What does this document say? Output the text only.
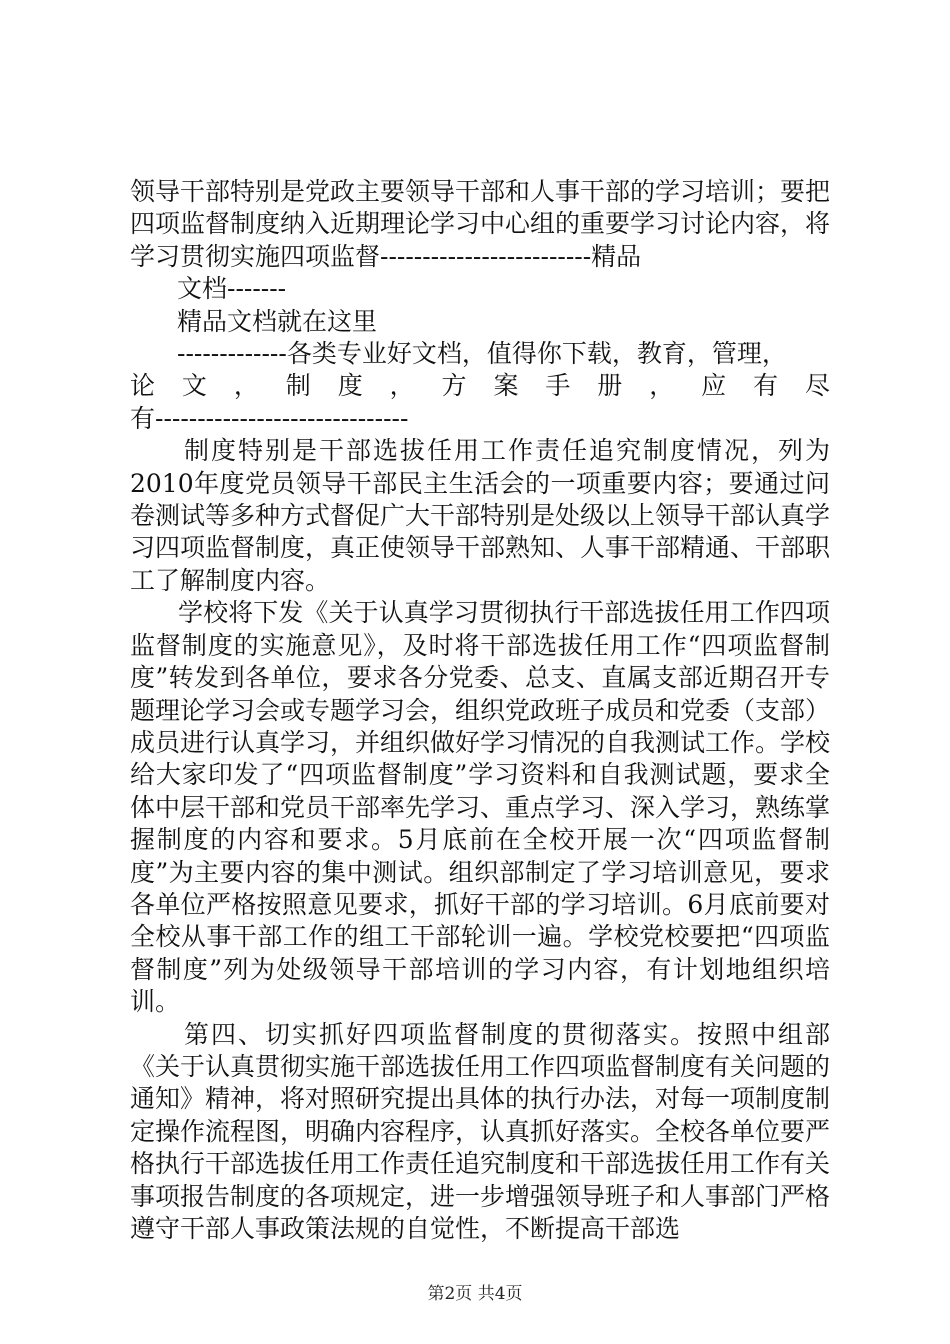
领导干部特别是党政主要领导干部和人事干部的学习培训；要把四项监督制度纳入近期理论学习中心组的重要学习讨论内容，将学习贯彻实施四项监督-------------------------精品

文档-------

精品文档就在这里

-------------各类专业好文档，值得你下载，教育，管理，

论 文 ， 制 度 ， 方 案 手 册 ， 应 有 尽

有------------------------------

制度特别是干部选拔任用工作责任追究制度情况，列为2010年度党员领导干部民主生活会的一项重要内容；要通过问卷测试等多种方式督促广大干部特别是处级以上领导干部认真学习四项监督制度，真正使领导干部熟知、人事干部精通、干部职工了解制度内容。

学校将下发《关于认真学习贯彻执行干部选拔任用工作四项监督制度的实施意见》，及时将干部选拔任用工作“四项监督制度”转发到各单位，要求各分党委、总支、直属支部近期召开专题理论学习会或专题学习会，组织党政班子成员和党委（支部）成员进行认真学习，并组织做好学习情况的自我测试工作。学校给大家印发了“四项监督制度”学习资料和自我测试题，要求全体中层干部和党员干部率先学习、重点学习、深入学习，熟练掌握制度的内容和要求。5月底前在全校开展一次“四项监督制度”为主要内容的集中测试。组织部制定了学习培训意见，要求各单位严格按照意见要求，抓好干部的学习培训。6月底前要对全校从事干部工作的组工干部轮训一遍。学校党校要把“四项监督制度”列为处级领导干部培训的学习内容，有计划地组织培训。

第四、切实抓好四项监督制度的贯彻落实。按照中组部《关于认真贯彻实施干部选拔任用工作四项监督制度有关问题的通知》精神，将对照研究提出具体的执行办法，对每一项制度制定操作流程图，明确内容程序，认真抓好落实。全校各单位要严格执行干部选拔任用工作责任追究制度和干部选拔任用工作有关事项报告制度的各项规定，进一步增强领导班子和人事部门严格遵守干部人事政策法规的自觉性，不断提高干部选

第2页 共4页
